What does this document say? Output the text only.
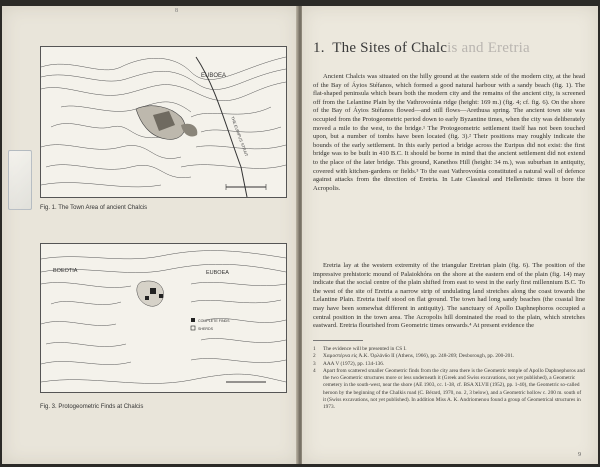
8
EUBOEA
THE EURIPUS STRAIT
Fig. 1. The Town Area of ancient Chalcis
BOEOTIA	EUBOEA
COMPLETE FINDS
SHERDS
Fig. 3. Protogeometric Finds at Chalcis
1. The Sites of Chalcis and Eretria

Ancient Chalcis was situated on the hilly ground at the eastern side of the modern city, at the head of the Bay of Áyios Stéfanos, which formed a good natural harbour with a sandy beach (fig. 1). The flat-shaped peninsula which bears both the modern city and the remains of the ancient city, is screened off from the Lelantine Plain by the Vathrovoúnia ridge (height: 169 m.) (fig. 4; cf. fig. 6). On the shore of the Bay of Áyios Stéfanos flowed—and still flows—Arethusa spring. The ancient town site was occupied from the Protogeometric period down to early Byzantine times, when the city was deliberately moved a mile to the west, to the bridge.¹ The Protogeometric settlement itself has not been touched upon, but a number of tombs have been located (fig. 3).² Their positions may roughly indicate the bounds of the early settlement. In this early period a bridge across the Euripus did not exist: the first bridge was to be built in 410 B.C. It should be borne in mind that the ancient settlement did not extend to the place of the later bridge. This ground, Kanethos Hill (height: 34 m.), was suburban in antiquity, covered with kitchen-gardens or fields.³ To the east Vathrovoúnia constituted a natural wall of defence against attacks from the direction of Eretria. In Late Classical and Hellenistic times it bore the Acropolis.

Eretria lay at the western extremity of the triangular Eretrian plain (fig. 6). The position of the impressive prehistoric mound of Palaiokhóra on the shore at the eastern end of the plain (fig. 14) may indicate that the social centre of the plain shifted from east to west in the early first millennium B.C. To the west of the site of Eretria a narrow strip of undulating land stretches along the coast towards the Lelantine Plain. Eretria itself stood on flat ground. The town had long sandy beaches (the coastal line may have been somewhat different in antiquity). The sanctuary of Apollo Daphnephoros occupied a central position in the town area. The Acropolis hill dominated the road to the plain, which stretches eastward. Eretria flourished from Geometric times onwards.⁴ At present evidence the

1	The evidence will be presented in CS I.
2	Χαμοστέρνα εἰς Ἀ.Κ. Ὀρλάνδο II (Athens, 1966), pp. 248-269; Desborough, pp. 200-201.
3	ΑΑΑ V (1972), pp. 134-136.
4	Apart from scattered smaller Geometric finds from the city area there is the Geometric temple of Apollo Daphnephoros and the two Geometric structures more or less underneath it (Greek and Swiss excavations, not yet published), a Geometric cemetery in the south-west, near the shore (AE 1903, cc. 1-38, cf. BSA XLVII (1952), pp. 1-40), the Geometric so-called heroon by the beginning of the Chalkis road (C. Bérard, 1970, no. 2, 3 below), and a Geometric hollow c. 200 m. south of it (Swiss excavations, not yet published). In addition Miss A. K. Andriomenou found a group of Geometrical structures in 1973.
9
